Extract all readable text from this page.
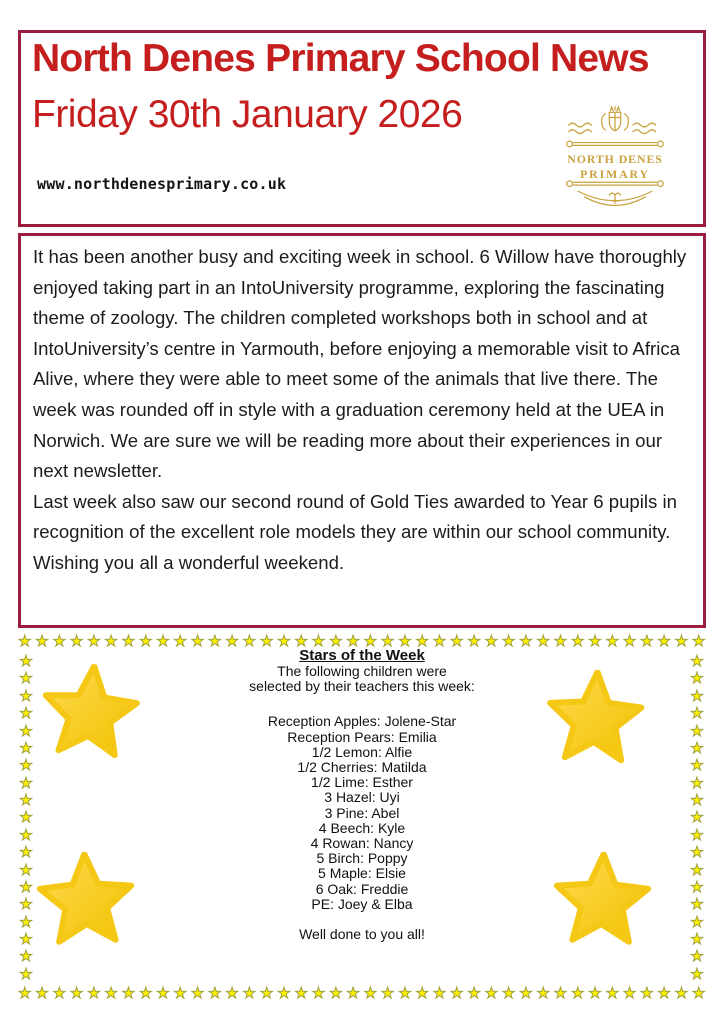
North Denes Primary School News
Friday 30th January 2026
www.northdenesprimary.co.uk
NORTH DENES
PRIMARY

It has been another busy and exciting week in school. 6 Willow have thoroughly enjoyed taking part in an IntoUniversity programme, exploring the fascinating theme of zoology. The children completed workshops both in school and at IntoUniversity’s centre in Yarmouth, before enjoying a memorable visit to Africa Alive, where they were able to meet some of the animals that live there. The week was rounded off in style with a graduation ceremony held at the UEA in Norwich. We are sure we will be reading more about their experiences in our next newsletter.

Last week also saw our second round of Gold Ties awarded to Year 6 pupils in recognition of the excellent role models they are within our school community.

Wishing you all a wonderful weekend.

★ ★ ★ ★ ★ ★ ★ ★ ★ ★ ★ ★ ★ ★ ★ ★ ★ ★ ★ ★ ★ ★ ★ ★ ★ ★ ★ ★ ★ ★ ★ ★ ★ ★ ★ ★ ★ ★ ★ ★
★
★
★
★
★
★
★
★
★
★
★
★
★
★
★
★
★
★
★
★
★
★
★
★
★
★
★
★
★
★
★
★
★
★
★
★
★
★
★ ★ ★ ★ ★ ★ ★ ★ ★ ★ ★ ★ ★ ★ ★ ★ ★ ★ ★ ★ ★ ★ ★ ★ ★ ★ ★ ★ ★ ★ ★ ★ ★ ★ ★ ★ ★ ★ ★ ★
Stars of the Week
The following children were
selected by their teachers this week:
Reception Apples: Jolene-Star
Reception Pears: Emilia
1/2 Lemon: Alfie
1/2 Cherries: Matilda
1/2 Lime: Esther
3 Hazel: Uyi
3 Pine: Abel
4 Beech: Kyle
4 Rowan: Nancy
5 Birch: Poppy
5 Maple: Elsie
6 Oak: Freddie
PE: Joey & Elba
Well done to you all!
